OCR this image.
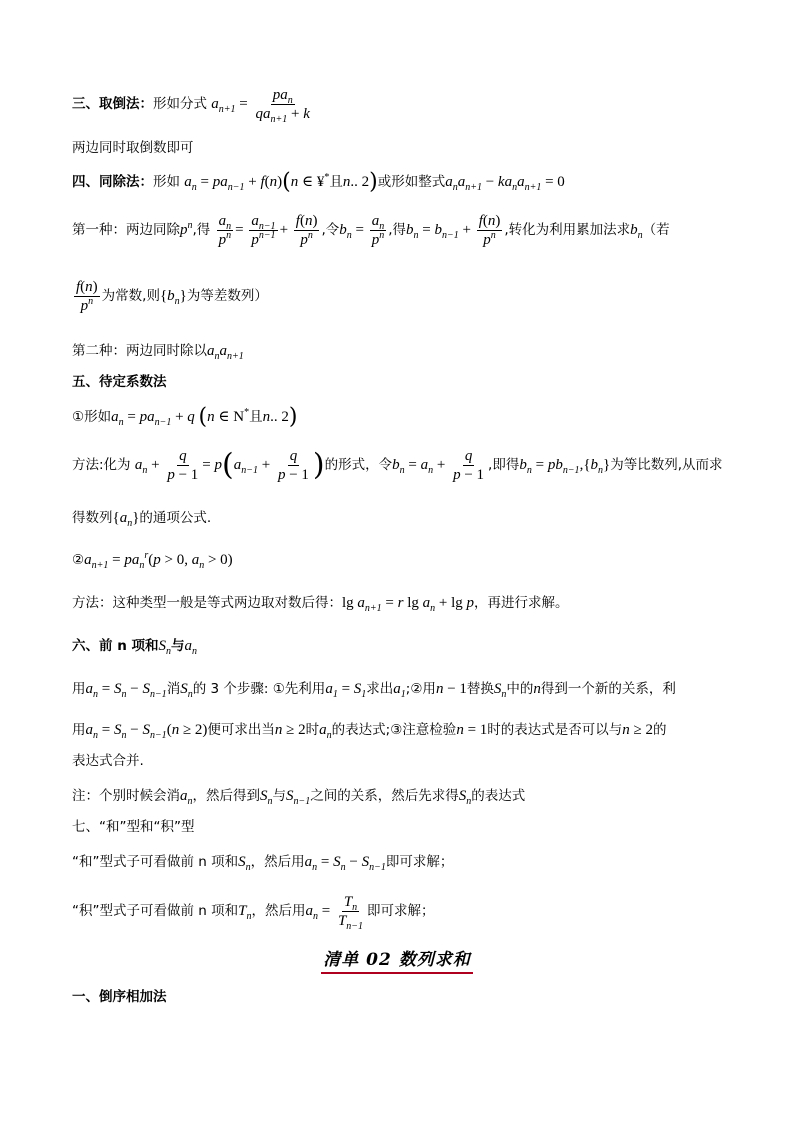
三、取倒法：形如分式 $a_{n+1} = \frac{pa_n}{qa_{n+1} + k}$
两边同时取倒数即可
四、同除法：形如 $a_n = pa_{n-1} + f(n)(n$ ∈ ¥*且n.. 2)或形如整式$a_na_{n+1} - ka_na_{n+1} = 0$
第一种：两边同除$p^n$,得 $\frac{a_n}{p^n} = \frac{a_{n-1}}{p^{n-1}} + \frac{f(n)}{p^n}$ ,令$b_n = \frac{a_n}{p^n}$ ,得$b_n = b_{n-1} + \frac{f(n)}{p^n}$ ,转化为利用累加法求$b_n$（若
$\frac{f(n)}{p^n}$ 为常数,则$\{b_n\}$为等差数列）
第二种：两边同时除以$a_na_{n+1}$
五、待定系数法
①形如$a_n = pa_{n-1} + q$ (n ∈ N*且n.. 2)
方法:化为 $a_n + \frac{q}{p - 1} = p(a_{n-1} + \frac{q}{p - 1}$ )的形式，令$b_n = a_n + \frac{q}{p - 1}$ ,即得$b_n = pb_{n-1},\{b_n\}$为等比数列,从而求
得数列$\{a_n\}$的通项公式.
$②a_{n+1} = pa_n^r(p > 0$, $a_n > 0$)
方法：这种类型一般是等式两边取对数后得：$\lg a_{n+1} = r$ $\lg a_n + \lg p$，再进行求解。
六、前 n 项和$S_n$与$a_n$
用$a_n = S_n - S_{n-1}$消$S_n$的 3 个步骤: ①先利用$a_1 = S_1$求出$a_1;②$用n − 1替换$S_n$中的n得到一个新的关系，利
用$a_n = S_n - S_{n-1}(n \ge 2)$便可求出当n ≥ 2时$a_n$的表达式;③注意检验n = 1时的表达式是否可以与n ≥ 2的
表达式合并.
注：个别时候会消$a_n$，然后得到$S_n$与$S_{n-1}$之间的关系，然后先求得$S_n$的表达式
七、“和”型和“积”型
“和”型式子可看做前 n 项和$S_n$，然后用$a_n = S_n - S_{n-1}$即可求解；
“积”型式子可看做前 n 项和$T_n$，然后用$a_n = \frac{T_n}{T_{n-1}}$ 即可求解；
清单 02 数列求和
一、倒序相加法
